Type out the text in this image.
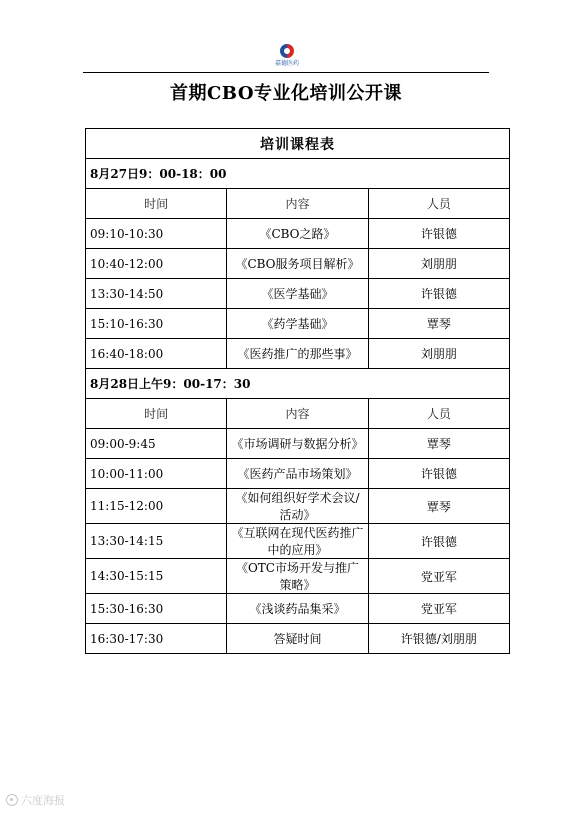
嘉德医药
首期CBO专业化培训公开课
培训课程表		
8月27日9：00-18：00		
时间	内容	人员
09:10-10:30	《CBO之路》	许银德
10:40-12:00	《CBO服务项目解析》	刘朋朋
13:30-14:50	《医学基础》	许银德
15:10-16:30	《药学基础》	覃琴
16:40-18:00	《医药推广的那些事》	刘朋朋
8月28日上午9：00-17：30		
时间	内容	人员
09:00-9:45	《市场调研与数据分析》	覃琴
10:00-11:00	《医药产品市场策划》	许银德
11:15-12:00	《如何组织好学术会议/活动》	覃琴
13:30-14:15	《互联网在现代医药推广中的应用》	许银德
14:30-15:15	《OTC市场开发与推广策略》	党亚军
15:30-16:30	《浅谈药品集采》	党亚军
16:30-17:30	答疑时间	许银德/刘朋朋
六度海报
